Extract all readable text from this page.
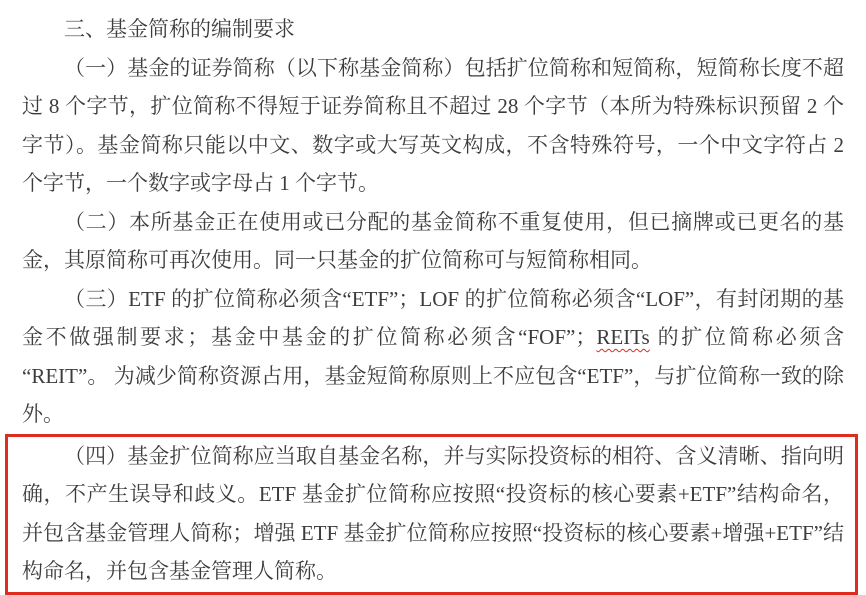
三、基金简称的编制要求

（一）基金的证券简称（以下称基金简称）包括扩位简称和短简称，短简称长度不超过 8 个字节，扩位简称不得短于证券简称且不超过 28 个字节（本所为特殊标识预留 2 个字节）。基金简称只能以中文、数字或大写英文构成，不含特殊符号，一个中文字符占 2 个字节，一个数字或字母占 1 个字节。

（二）本所基金正在使用或已分配的基金简称不重复使用，但已摘牌或已更名的基金，其原简称可再次使用。同一只基金的扩位简称可与短简称相同。

（三）ETF 的扩位简称必须含“ETF”；LOF 的扩位简称必须含“LOF”，有封闭期的基金不做强制要求；基金中基金的扩位简称必须含“FOF”；REITs 的扩位简称必须含“REIT”。 为减少简称资源占用，基金短简称原则上不应包含“ETF”，与扩位简称一致的除外。

（四）基金扩位简称应当取自基金名称，并与实际投资标的相符、含义清晰、指向明确，不产生误导和歧义。ETF 基金扩位简称应按照“投资标的核心要素+ETF”结构命名，并包含基金管理人简称；增强 ETF 基金扩位简称应按照“投资标的核心要素+增强+ETF”结构命名，并包含基金管理人简称。
